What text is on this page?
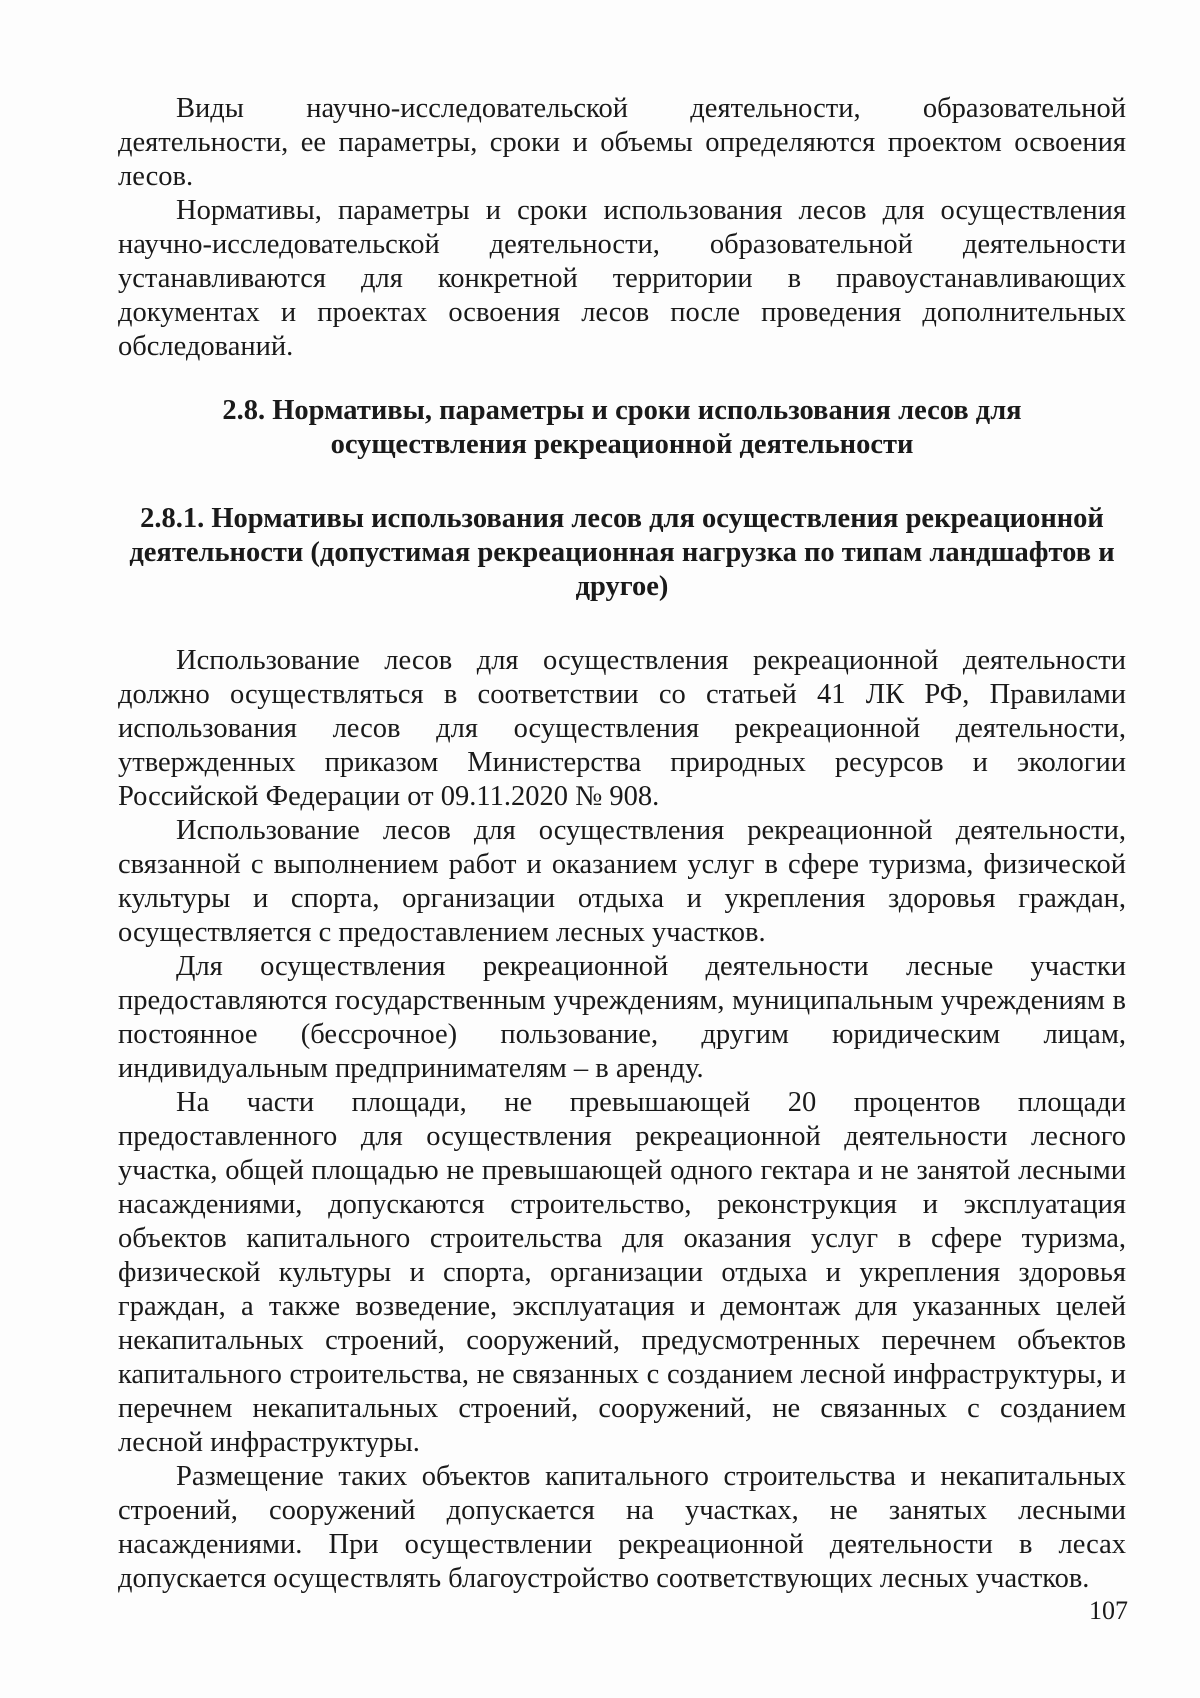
Виды научно-исследовательской деятельности, образовательной деятельности, ее параметры, сроки и объемы определяются проектом освоения лесов.

Нормативы, параметры и сроки использования лесов для осуществления научно-исследовательской деятельности, образовательной деятельности устанавливаются для конкретной территории в правоустанавливающих документах и проектах освоения лесов после проведения дополнительных обследований.

2.8. Нормативы, параметры и сроки использования лесов для осуществления рекреационной деятельности
2.8.1. Нормативы использования лесов для осуществления рекреационной деятельности (допустимая рекреационная нагрузка по типам ландшафтов и другое)

Использование лесов для осуществления рекреационной деятельности должно осуществляться в соответствии со статьей 41 ЛК РФ, Правилами использования лесов для осуществления рекреационной деятельности, утвержденных приказом Министерства природных ресурсов и экологии Российской Федерации от 09.11.2020 № 908.

Использование лесов для осуществления рекреационной деятельности, связанной с выполнением работ и оказанием услуг в сфере туризма, физической культуры и спорта, организации отдыха и укрепления здоровья граждан, осуществляется с предоставлением лесных участков.

Для осуществления рекреационной деятельности лесные участки предоставляются государственным учреждениям, муниципальным учреждениям в постоянное (бессрочное) пользование, другим юридическим лицам, индивидуальным предпринимателям – в аренду.

На части площади, не превышающей 20 процентов площади предоставленного для осуществления рекреационной деятельности лесного участка, общей площадью не превышающей одного гектара и не занятой лесными насаждениями, допускаются строительство, реконструкция и эксплуатация объектов капитального строительства для оказания услуг в сфере туризма, физической культуры и спорта, организации отдыха и укрепления здоровья граждан, а также возведение, эксплуатация и демонтаж для указанных целей некапитальных строений, сооружений, предусмотренных перечнем объектов капитального строительства, не связанных с созданием лесной инфраструктуры, и перечнем некапитальных строений, сооружений, не связанных с созданием лесной инфраструктуры.

Размещение таких объектов капитального строительства и некапитальных строений, сооружений допускается на участках, не занятых лесными насаждениями. При осуществлении рекреационной деятельности в лесах допускается осуществлять благоустройство соответствующих лесных участков.

107
